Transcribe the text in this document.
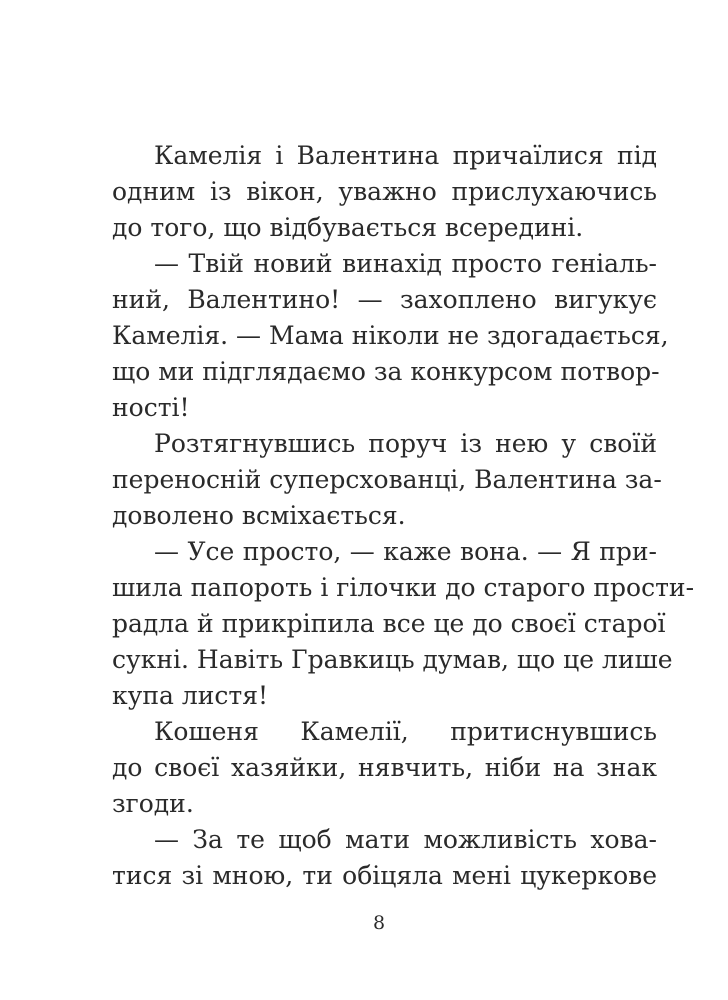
Камелія і Валентина причаїлися під
одним із вікон, уважно прислухаючись
до того, що відбувається всередині.
— Твій новий винахід просто геніаль-
ний, Валентино! — захоплено вигукує
Камелія. — Мама ніколи не здогадається,
що ми підглядаємо за конкурсом потвор-
ності!
Розтягнувшись поруч із нею у своїй
переносній суперсхованці, Валентина за-
доволено всміхається.
— Усе просто, — каже вона. — Я при-
шила папороть і гілочки до старого прости-
радла й прикріпила все це до своєї старої
сукні. Навіть Гравкиць думав, що це лише
купа листя!
Кошеня Камелії, притиснувшись
до своєї хазяйки, нявчить, ніби на знак
згоди.
— За те щоб мати можливість хова-
тися зі мною, ти обіцяла мені цукеркове
8
